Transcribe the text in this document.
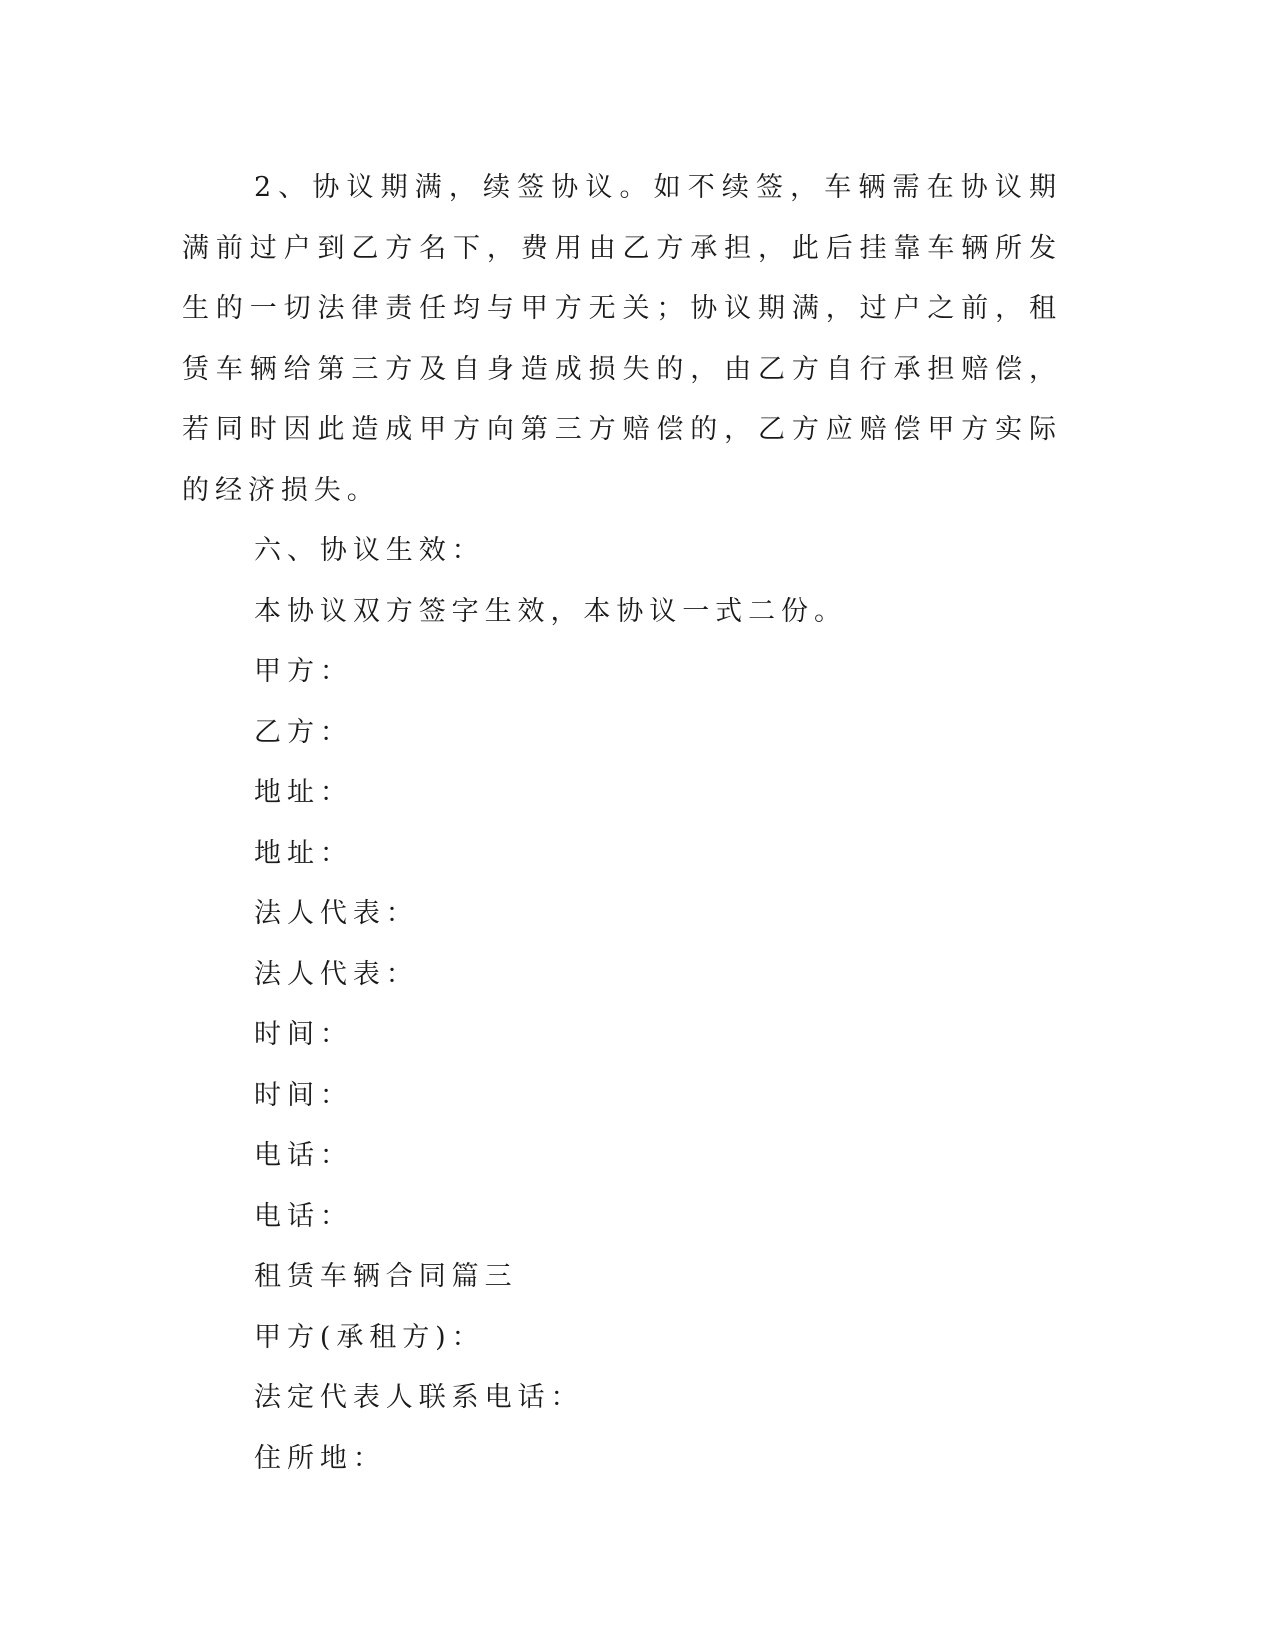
2、协议期满，续签协议。如不续签，车辆需在协议期满前过户到乙方名下，费用由乙方承担，此后挂靠车辆所发生的一切法律责任均与甲方无关；协议期满，过户之前，租赁车辆给第三方及自身造成损失的，由乙方自行承担赔偿，若同时因此造成甲方向第三方赔偿的，乙方应赔偿甲方实际的经济损失。

六、协议生效：

本协议双方签字生效，本协议一式二份。

甲方：

乙方：

地址：

地址：

法人代表：

法人代表：

时间：

时间：

电话：

电话：

租赁车辆合同篇三

甲方(承租方)：

法定代表人联系电话：

住所地：
